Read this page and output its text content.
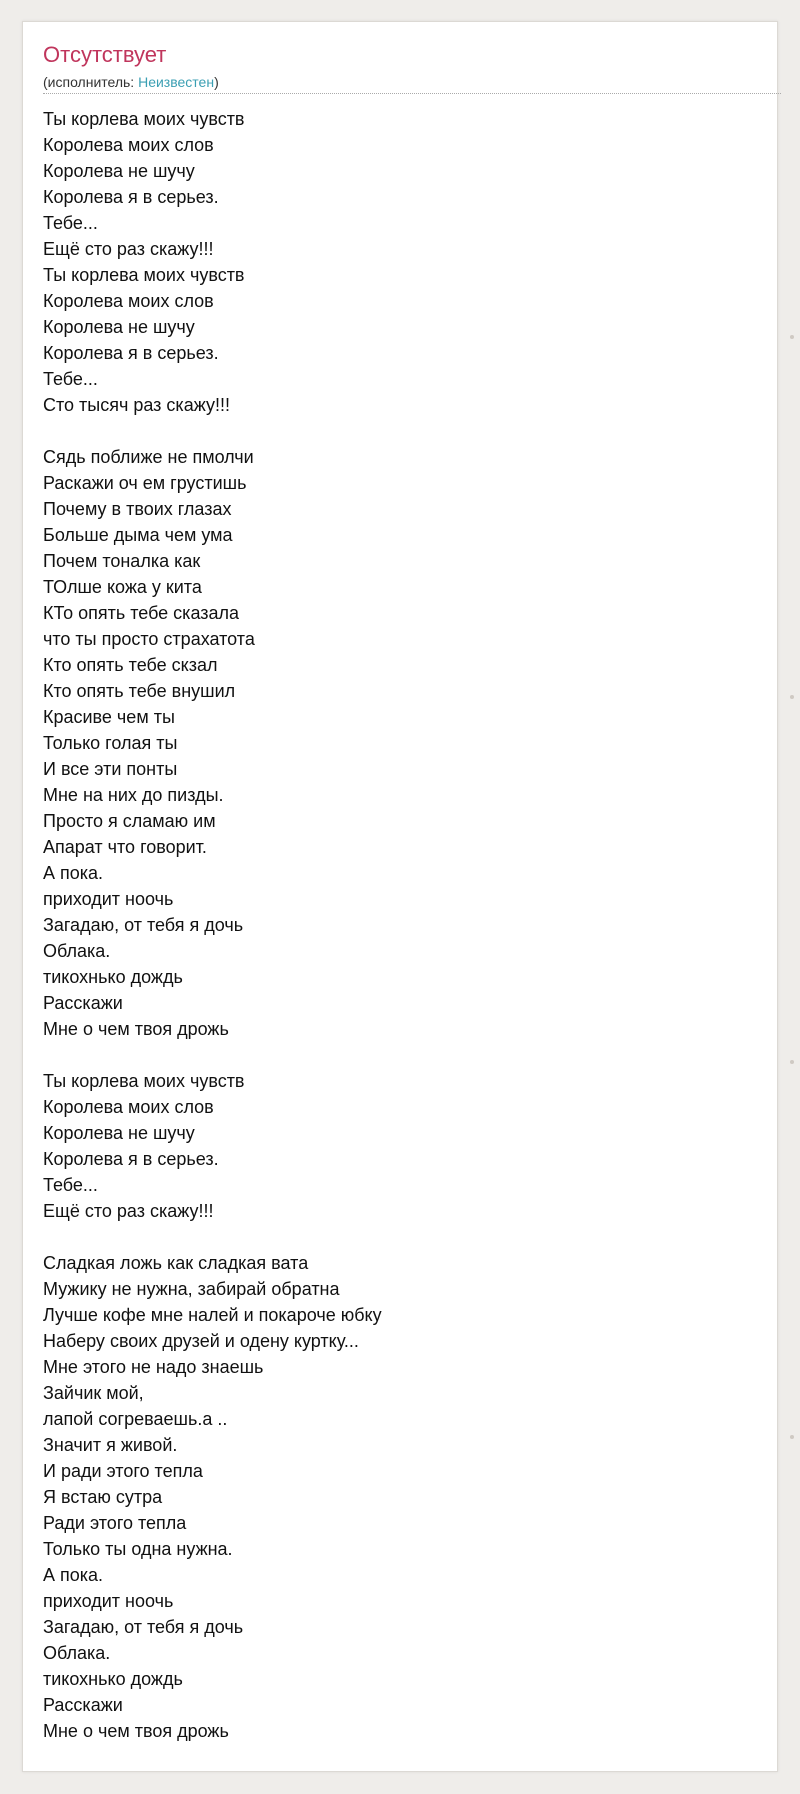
Отсутствует
(исполнитель: Неизвестен)
Ты корлева моих чувств
Королева моих слов
Королева не шучу
Королева я в серьез.
Тебе...
Ещё сто раз скажу!!!
Ты корлева моих чувств
Королева моих слов
Королева не шучу
Королева я в серьез.
Тебе...
Сто тысяч раз скажу!!!
Сядь поближе не пмолчи
Раскажи оч ем грустишь
Почему в твоих глазах
Больше дыма чем ума
Почем тоналка как
ТОлше кожа у кита
КТо опять тебе сказала
что ты просто страхатота
Кто опять тебе скзал
Кто опять тебе внушил
Красиве чем ты
Только голая ты
И все эти понты
Мне на них до пизды.
Просто я сламаю им
Апарат что говорит.
А пока.
приходит ноочь
Загадаю, от тебя я дочь
Облака.
тикохнько дождь
Расскажи
Мне о чем твоя дрожь
Ты корлева моих чувств
Королева моих слов
Королева не шучу
Королева я в серьез.
Тебе...
Ещё сто раз скажу!!!
Сладкая ложь как сладкая вата
Мужику не нужна, забирай обратна
Лучше кофе мне налей и покароче юбку
Наберу своих друзей и одену куртку...
Мне этого не надо знаешь
Зайчик мой,
лапой согреваешь.а ..
Значит я живой.
И ради этого тепла
Я встаю сутра
Ради этого тепла
Только ты одна нужна.
А пока.
приходит ноочь
Загадаю, от тебя я дочь
Облака.
тикохнько дождь
Расскажи
Мне о чем твоя дрожь
